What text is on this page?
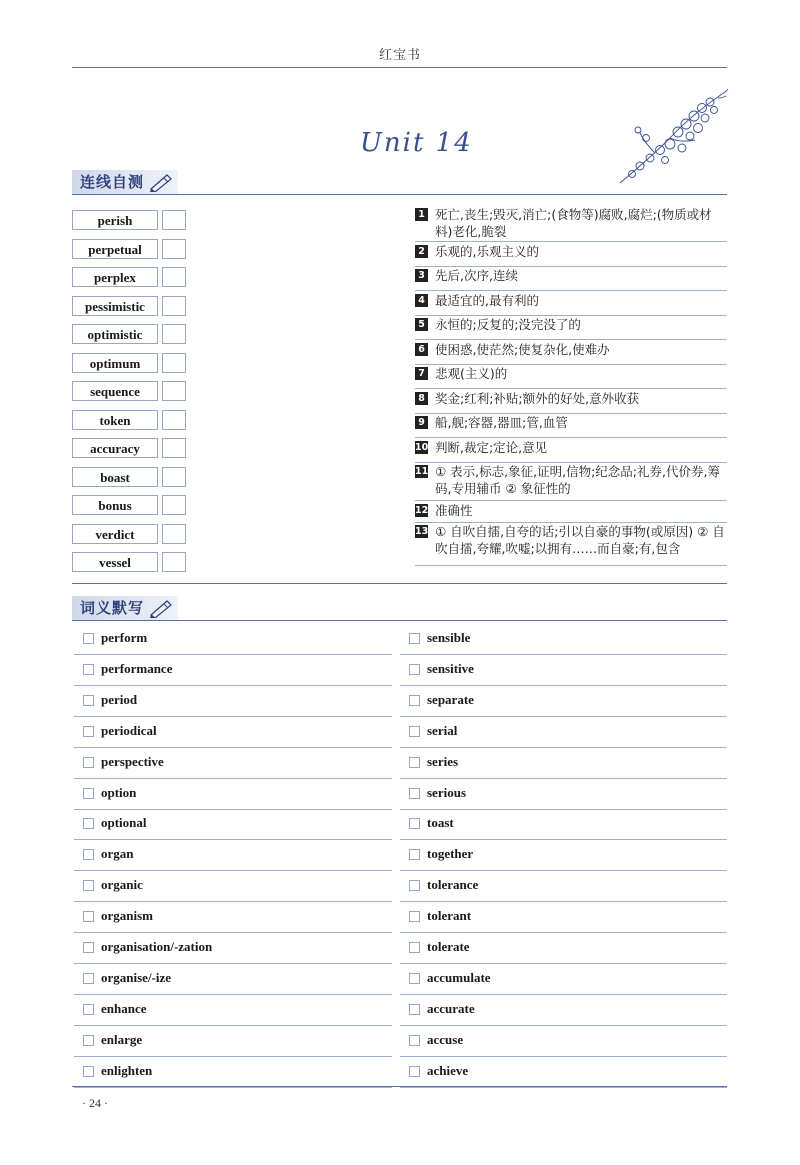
红宝书
Unit 14
连线自测
perish
perpetual
perplex
pessimistic
optimistic
optimum
sequence
token
accuracy
boast
bonus
verdict
vessel
1 死亡,丧生;毁灭,消亡;(食物等)腐败,腐烂;(物质或材料)老化,脆裂
2 乐观的,乐观主义的
3 先后,次序,连续
4 最适宜的,最有利的
5 永恒的;反复的;没完没了的
6 使困惑,使茫然;使复杂化,使难办
7 悲观(主义)的
8 奖金;红利;补贴;额外的好处,意外收获
9 船,舰;容器,器皿;管,血管
10 判断,裁定;定论,意见
11 ① 表示,标志,象征,证明,信物;纪念品;礼券,代价券,筹码,专用辅币 ② 象征性的
12 准确性
13 ① 自吹自擂,自夸的话;引以自豪的事物(或原因) ② 自吹自擂,夸耀,吹嘘;以拥有……而自豪;有,包含
词义默写
perform
performance
period
periodical
perspective
option
optional
organ
organic
organism
organisation/-zation
organise/-ize
enhance
enlarge
enlighten
sensible
sensitive
separate
serial
series
serious
toast
together
tolerance
tolerant
tolerate
accumulate
accurate
accuse
achieve
· 24 ·
